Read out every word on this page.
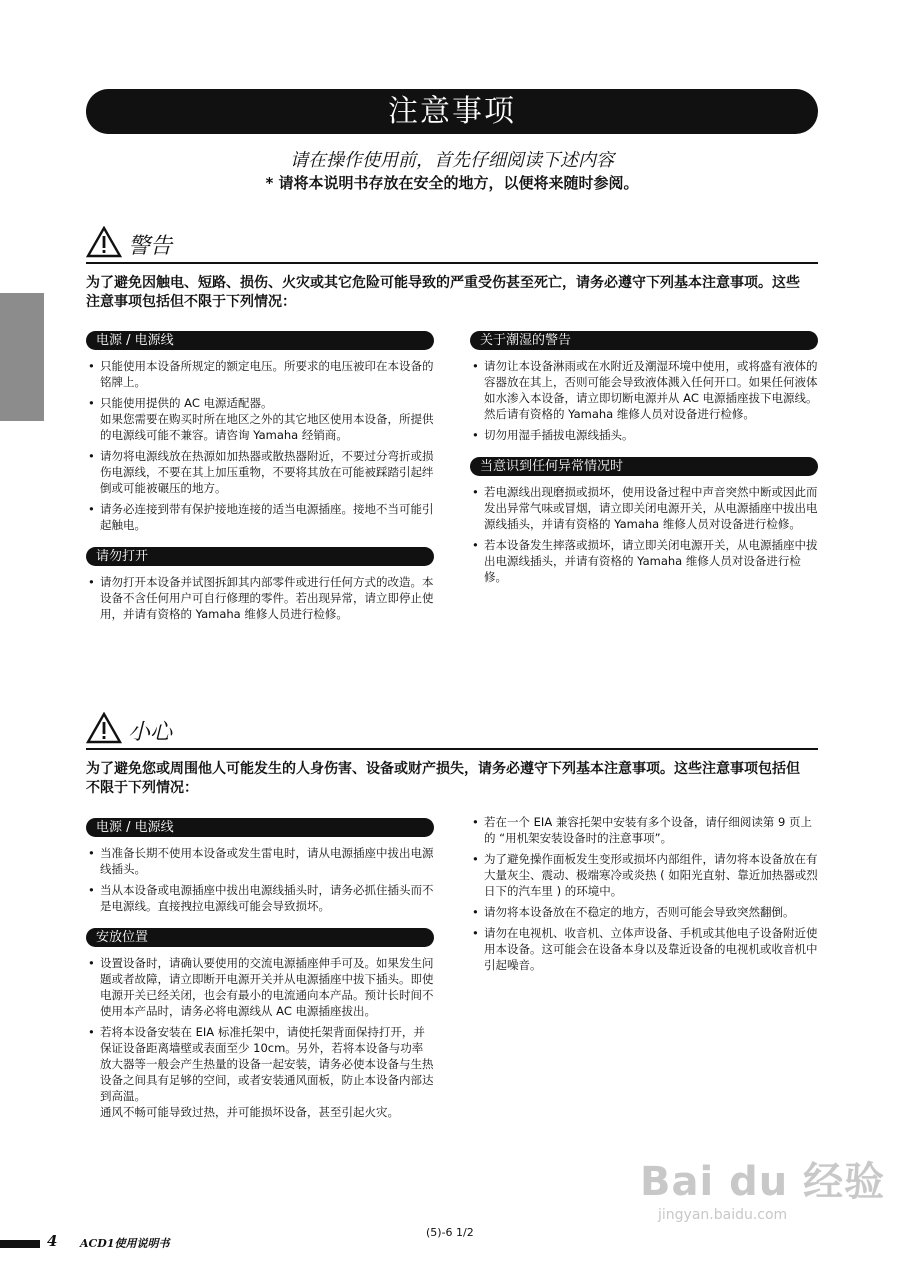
注意事项
请在操作使用前，首先仔细阅读下述内容
* 请将本说明书存放在安全的地方，以便将来随时参阅。
警告
为了避免因触电、短路、损伤、火灾或其它危险可能导致的严重受伤甚至死亡，请务必遵守下列基本注意事项。这些注意事项包括但不限于下列情况：
电源 / 电源线
• 只能使用本设备所规定的额定电压。所要求的电压被印在本设备的铭牌上。
• 只能使用提供的 AC 电源适配器。
如果您需要在购买时所在地区之外的其它地区使用本设备，所提供的电源线可能不兼容。请咨询 Yamaha 经销商。
• 请勿将电源线放在热源如加热器或散热器附近，不要过分弯折或损伤电源线，不要在其上加压重物，不要将其放在可能被踩踏引起绊倒或可能被碾压的地方。
• 请务必连接到带有保护接地连接的适当电源插座。接地不当可能引起触电。
请勿打开
• 请勿打开本设备并试图拆卸其内部零件或进行任何方式的改造。本设备不含任何用户可自行修理的零件。若出现异常，请立即停止使用，并请有资格的 Yamaha 维修人员进行检修。
关于潮湿的警告
• 请勿让本设备淋雨或在水附近及潮湿环境中使用，或将盛有液体的容器放在其上，否则可能会导致液体溅入任何开口。如果任何液体如水渗入本设备，请立即切断电源并从 AC 电源插座拔下电源线。然后请有资格的 Yamaha 维修人员对设备进行检修。
• 切勿用湿手插拔电源线插头。
当意识到任何异常情况时
• 若电源线出现磨损或损坏，使用设备过程中声音突然中断或因此而发出异常气味或冒烟，请立即关闭电源开关，从电源插座中拔出电源线插头，并请有资格的 Yamaha 维修人员对设备进行检修。
• 若本设备发生摔落或损坏，请立即关闭电源开关，从电源插座中拔出电源线插头，并请有资格的 Yamaha 维修人员对设备进行检修。
小心
为了避免您或周围他人可能发生的人身伤害、设备或财产损失，请务必遵守下列基本注意事项。这些注意事项包括但不限于下列情况：
电源 / 电源线
• 当准备长期不使用本设备或发生雷电时，请从电源插座中拔出电源线插头。
• 当从本设备或电源插座中拔出电源线插头时，请务必抓住插头而不是电源线。直接拽拉电源线可能会导致损坏。
安放位置
• 设置设备时，请确认要使用的交流电源插座伸手可及。如果发生问题或者故障，请立即断开电源开关并从电源插座中拔下插头。即使电源开关已经关闭，也会有最小的电流通向本产品。预计长时间不使用本产品时，请务必将电源线从 AC 电源插座拔出。
• 若将本设备安装在 EIA 标准托架中，请使托架背面保持打开，并保证设备距离墙壁或表面至少 10cm。另外，若将本设备与功率放大器等一般会产生热量的设备一起安装，请务必使本设备与生热设备之间具有足够的空间，或者安装通风面板，防止本设备内部达到高温。
通风不畅可能导致过热，并可能损坏设备，甚至引起火灾。
• 若在一个 EIA 兼容托架中安装有多个设备，请仔细阅读第 9 页上的 “用机架安装设备时的注意事项”。
• 为了避免操作面板发生变形或损坏内部组件，请勿将本设备放在有大量灰尘、震动、极端寒冷或炎热 ( 如阳光直射、靠近加热器或烈日下的汽车里 ) 的环境中。
• 请勿将本设备放在不稳定的地方，否则可能会导致突然翻倒。
• 请勿在电视机、收音机、立体声设备、手机或其他电子设备附近使用本设备。这可能会在设备本身以及靠近设备的电视机或收音机中引起噪音。
Bai du 经验
jingyan.baidu.com
4 ACD1使用说明书
(5)-6 1/2
